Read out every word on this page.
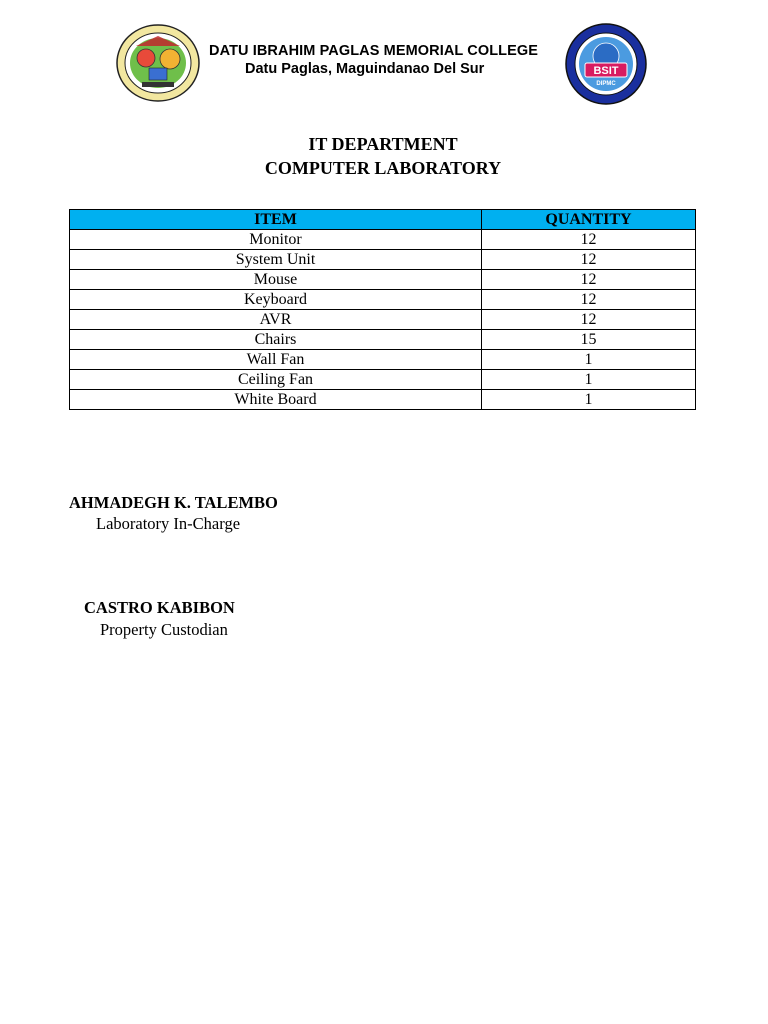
DATU IBRAHIM PAGLAS MEMORIAL COLLEGE
Datu Paglas, Maguindanao Del Sur	BSIT
DIPMC
IT DEPARTMENT
COMPUTER LABORATORY
ITEM	QUANTITY
Monitor	12
System Unit	12
Mouse	12
Keyboard	12
AVR	12
Chairs	15
Wall Fan	1
Ceiling Fan	1
White Board	1
AHMADEGH K. TALEMBO
Laboratory In-Charge
CASTRO KABIBON
Property Custodian
